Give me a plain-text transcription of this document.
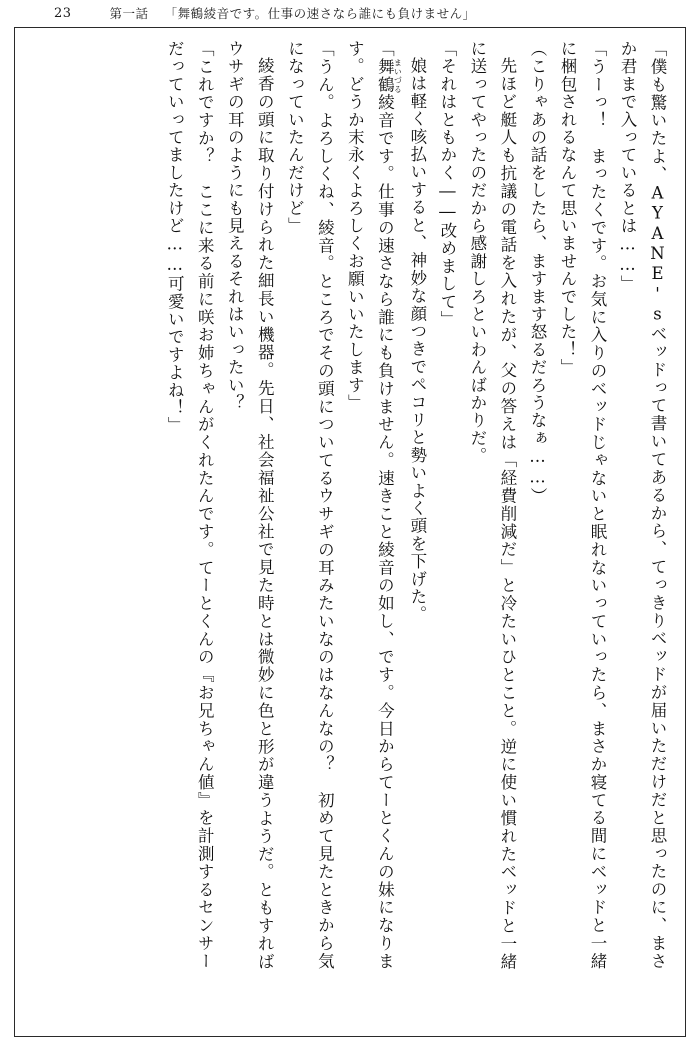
23	第一話 「舞鶴綾音です。仕事の速さなら誰にも負けません」

「僕も驚いたよ、AYANE'sベッドって書いてあるから、てっきりベッドが届いただけだと思ったのに、まさか君まで入っているとは……」

「うーっ！　まったくです。お気に入りのベッドじゃないと眠れないっていったら、まさか寝てる間にベッドと一緒に梱包されるなんて思いませんでした！」

（こりゃあの話をしたら、ますます怒るだろうなぁ……）

先ほど艇人も抗議の電話を入れたが、父の答えは「経費削減だ」と冷たいひとこと。逆に使い慣れたベッドと一緒に送ってやったのだから感謝しろといわんばかりだ。

「それはともかく――改めまして」

娘は軽く咳払いすると、神妙な顔つきでペコリと勢いよく頭を下げた。

「舞鶴 まいづる綾音です。仕事の速さなら誰にも負けません。速きこと綾音の如し、です。今日からてーとくんの妹になります。どうか末永くよろしくお願いいたします」

「うん。よろしくね、綾音。ところでその頭についてるウサギの耳みたいなのはなんなの？　初めて見たときから気になっていたんだけど」

綾香の頭に取り付けられた細長い機器。先日、社会福祉公社で見た時とは微妙に色と形が違うようだ。ともすればウサギの耳のようにも見えるそれはいったい？

「これですか？　ここに来る前に咲お姉ちゃんがくれたんです。てーとくんの『お兄ちゃん値』を計測するセンサーだっていってましたけど……可愛いですよね！」
